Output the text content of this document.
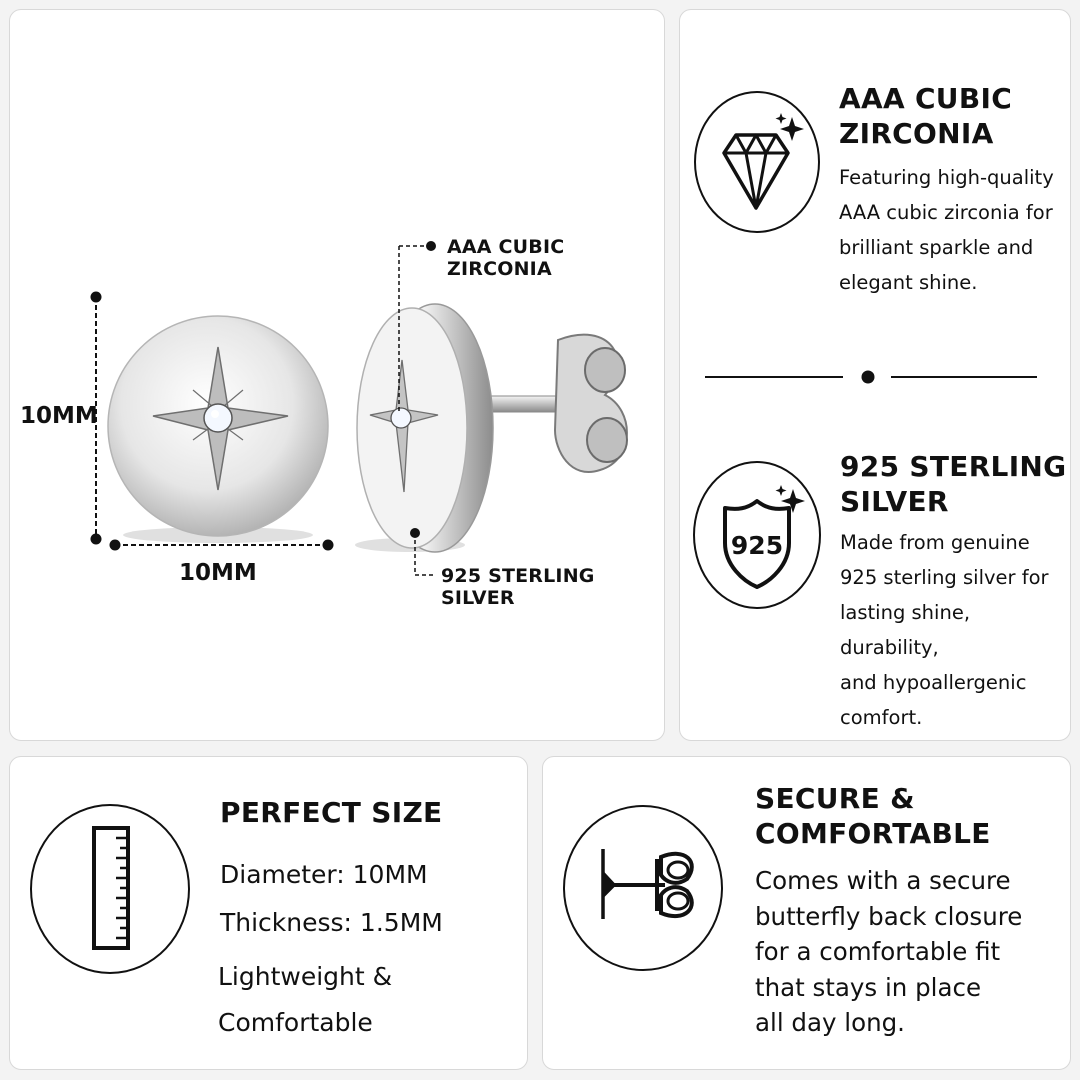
10MM
10MM
AAA CUBIC ZIRCONIA
925 STERLING SILVER
AAA CUBIC
ZIRCONIA
Featuring high-quality
AAA cubic zirconia for
brilliant sparkle and
elegant shine.
925
925 STERLING
SILVER
Made from genuine
925 sterling silver for
lasting shine, durability,
and hypoallergenic
comfort.
PERFECT SIZE
Diameter: 10MM
Thickness: 1.5MM
Lightweight &
Comfortable
SECURE &
COMFORTABLE
Comes with a secure
butterfly back closure
for a comfortable fit
that stays in place
all day long.
